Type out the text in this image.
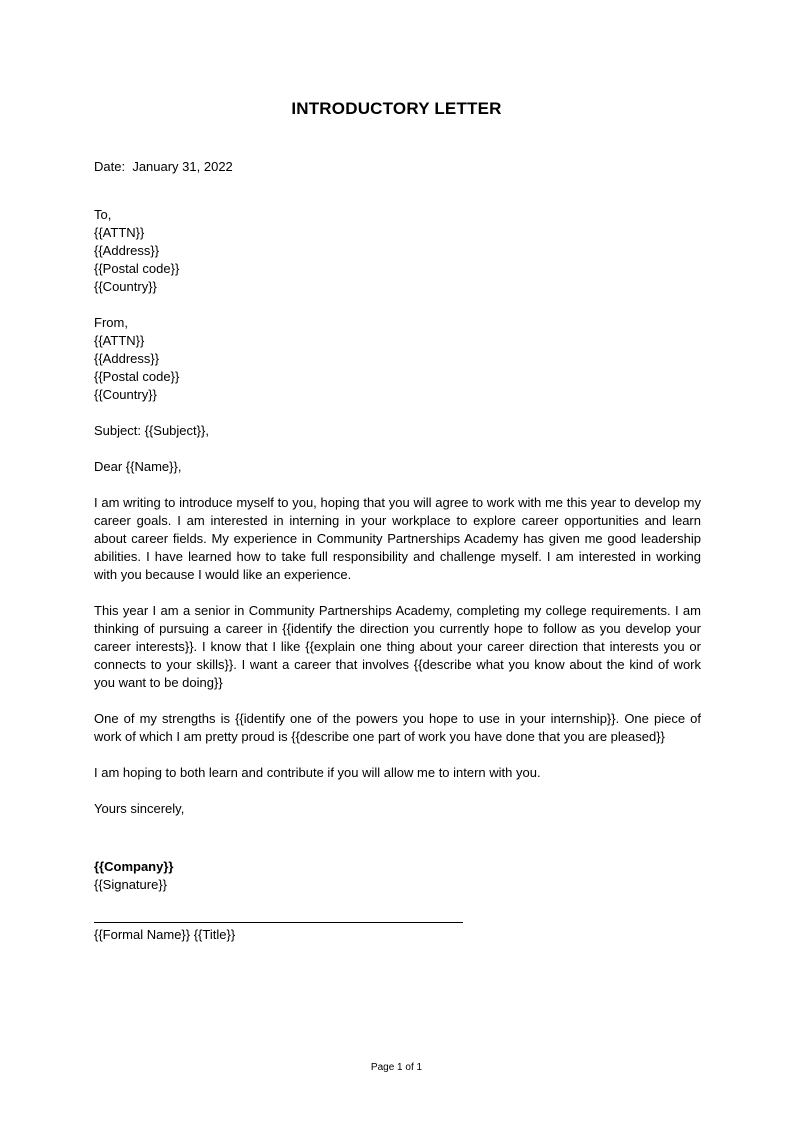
INTRODUCTORY LETTER
Date: January 31, 2022
To,
{{ATTN}}
{{Address}}
{{Postal code}}
{{Country}}
From,
{{ATTN}}
{{Address}}
{{Postal code}}
{{Country}}
Subject: {{Subject}},
Dear {{Name}},

I am writing to introduce myself to you, hoping that you will agree to work with me this year to develop my career goals. I am interested in interning in your workplace to explore career opportunities and learn about career fields. My experience in Community Partnerships Academy has given me good leadership abilities. I have learned how to take full responsibility and challenge myself. I am interested in working with you because I would like an experience.

This year I am a senior in Community Partnerships Academy, completing my college requirements. I am thinking of pursuing a career in {{identify the direction you currently hope to follow as you develop your career interests}}. I know that I like {{explain one thing about your career direction that interests you or connects to your skills}}. I want a career that involves {{describe what you know about the kind of work you want to be doing}}

One of my strengths is {{identify one of the powers you hope to use in your internship}}. One piece of work of which I am pretty proud is {{describe one part of work you have done that you are pleased}}

I am hoping to both learn and contribute if you will allow me to intern with you.

Yours sincerely,
{{Company}}
{{Signature}}
{{Formal Name}} {{Title}}
Page 1 of 1
